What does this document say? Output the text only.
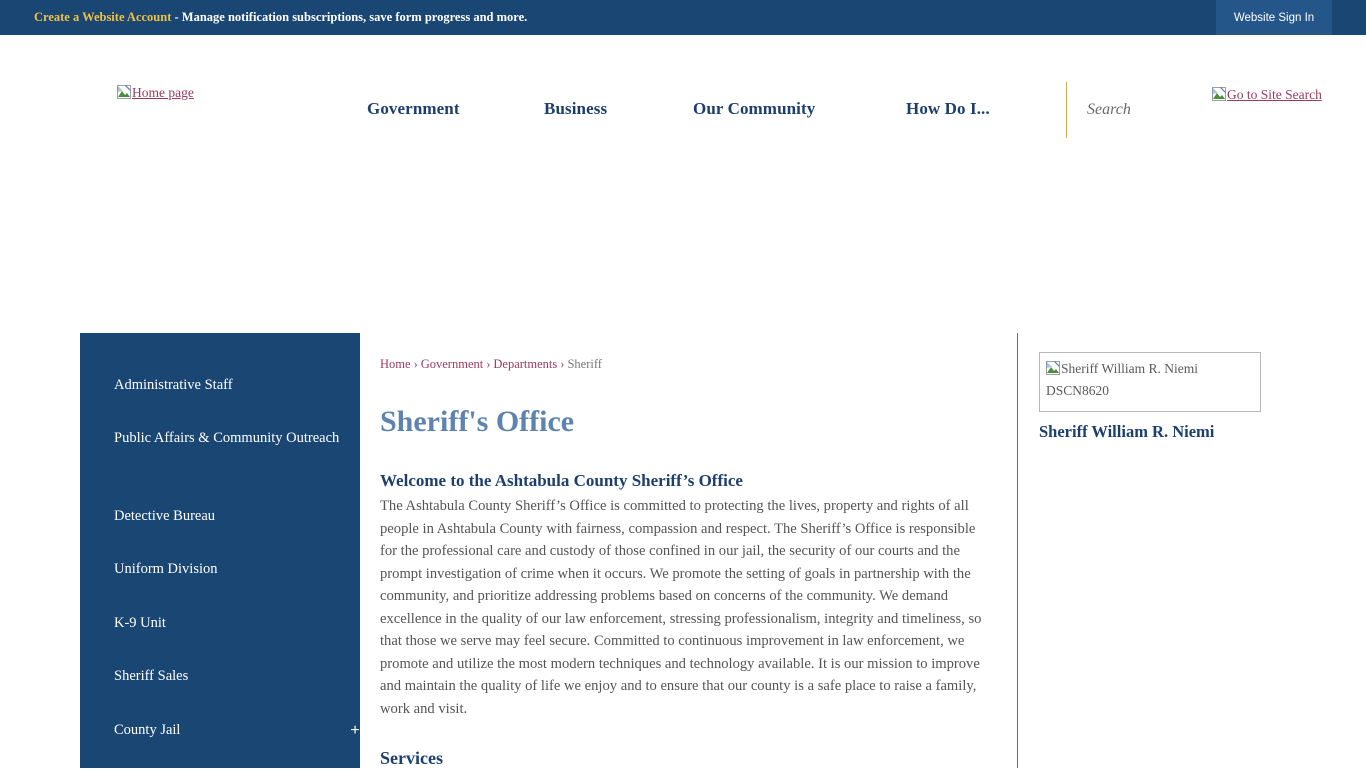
Create a Website Account - Manage notification subscriptions, save form progress and more.	Website Sign In
Home page
Government	Business	Our Community	How Do I...
Search
Go to Site Search
Administrative Staff
Public Affairs & Community Outreach
Detective Bureau
Uniform Division
K-9 Unit
Sheriff Sales
County Jail	+
Home › Government › Departments › Sheriff
Sheriff's Office
Welcome to the Ashtabula County Sheriff’s Office

The Ashtabula County Sheriff’s Office is committed to protecting the lives, property and rights of all people in Ashtabula County with fairness, compassion and respect. The Sheriff’s Office is responsible for the professional care and custody of those confined in our jail, the security of our courts and the prompt investigation of crime when it occurs. We promote the setting of goals in partnership with the community, and prioritize addressing problems based on concerns of the community. We demand excellence in the quality of our law enforcement, stressing professionalism, integrity and timeliness, so that those we serve may feel secure. Committed to continuous improvement in law enforcement, we promote and utilize the most modern techniques and technology available. It is our mission to improve and maintain the quality of life we enjoy and to ensure that our county is a safe place to raise a family, work and visit.

Services
Sheriff William R. Niemi DSCN8620
Sheriff William R. Niemi
